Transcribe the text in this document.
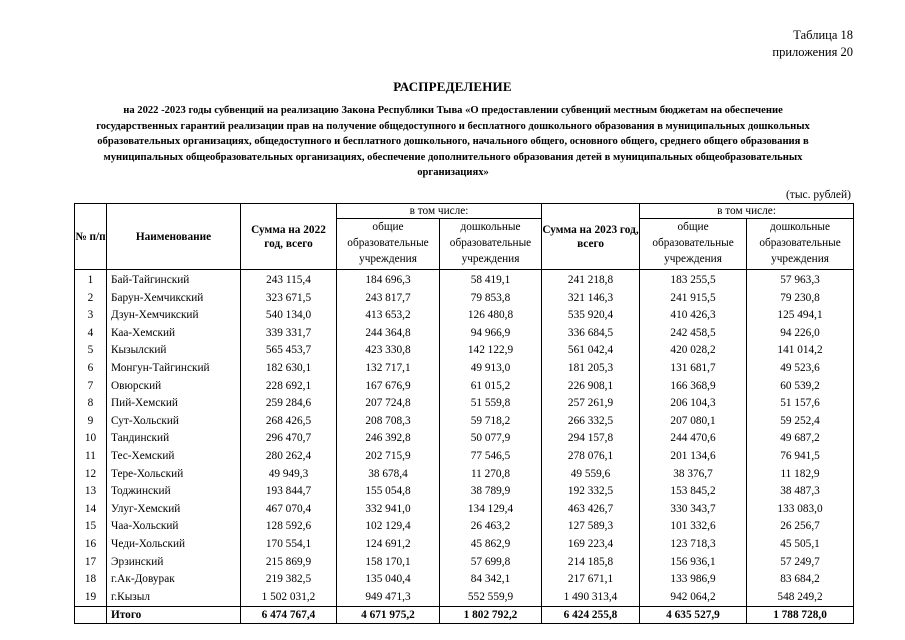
Таблица 18
приложения 20
РАСПРЕДЕЛЕНИЕ
на 2022 -2023 годы субвенций на реализацию Закона Республики Тыва «О предоставлении субвенций местным бюджетам на обеспечение государственных гарантий реализации прав на получение общедоступного и бесплатного дошкольного образования в муниципальных дошкольных образовательных организациях, общедоступного и бесплатного дошкольного, начального общего, основного общего, среднего общего образования в муниципальных общеобразовательных организациях, обеспечение дополнительного образования детей в муниципальных общеобразовательных организациях»
(тыс. рублей)
№ п/п	Наименование	Сумма на 2022 год, всего	в том числе:		Сумма на 2023 год, всего	в том числе:	
			общие образовательные учреждения	дошкольные образовательные учреждения		общие образовательные учреждения	дошкольные образовательные учреждения
1	Бай-Тайгинский	243 115,4	184 696,3	58 419,1	241 218,8	183 255,5	57 963,3
2	Барун-Хемчикский	323 671,5	243 817,7	79 853,8	321 146,3	241 915,5	79 230,8
3	Дзун-Хемчикский	540 134,0	413 653,2	126 480,8	535 920,4	410 426,3	125 494,1
4	Каа-Хемский	339 331,7	244 364,8	94 966,9	336 684,5	242 458,5	94 226,0
5	Кызылский	565 453,7	423 330,8	142 122,9	561 042,4	420 028,2	141 014,2
6	Монгун-Тайгинский	182 630,1	132 717,1	49 913,0	181 205,3	131 681,7	49 523,6
7	Овюрский	228 692,1	167 676,9	61 015,2	226 908,1	166 368,9	60 539,2
8	Пий-Хемский	259 284,6	207 724,8	51 559,8	257 261,9	206 104,3	51 157,6
9	Сут-Хольский	268 426,5	208 708,3	59 718,2	266 332,5	207 080,1	59 252,4
10	Тандинский	296 470,7	246 392,8	50 077,9	294 157,8	244 470,6	49 687,2
11	Тес-Хемский	280 262,4	202 715,9	77 546,5	278 076,1	201 134,6	76 941,5
12	Тере-Хольский	49 949,3	38 678,4	11 270,8	49 559,6	38 376,7	11 182,9
13	Тоджинский	193 844,7	155 054,8	38 789,9	192 332,5	153 845,2	38 487,3
14	Улуг-Хемский	467 070,4	332 941,0	134 129,4	463 426,7	330 343,7	133 083,0
15	Чаа-Хольский	128 592,6	102 129,4	26 463,2	127 589,3	101 332,6	26 256,7
16	Чеди-Хольский	170 554,1	124 691,2	45 862,9	169 223,4	123 718,3	45 505,1
17	Эрзинский	215 869,9	158 170,1	57 699,8	214 185,8	156 936,1	57 249,7
18	г.Ак-Довурак	219 382,5	135 040,4	84 342,1	217 671,1	133 986,9	83 684,2
19	г.Кызыл	1 502 031,2	949 471,3	552 559,9	1 490 313,4	942 064,2	548 249,2
	Итого	6 474 767,4	4 671 975,2	1 802 792,2	6 424 255,8	4 635 527,9	1 788 728,0
